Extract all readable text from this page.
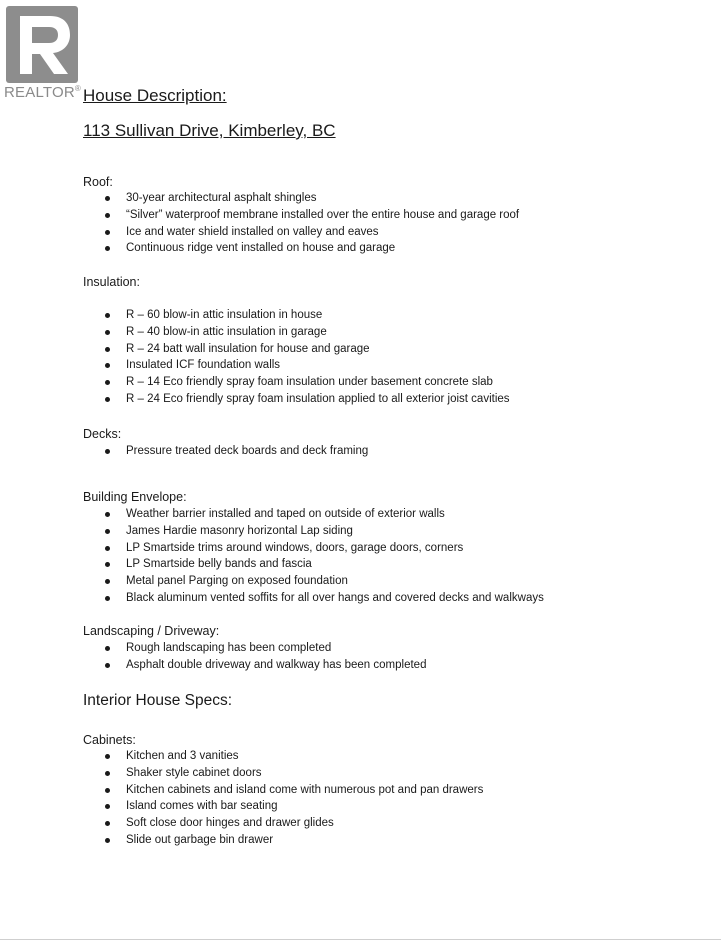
REALTOR® House Description:
113 Sullivan Drive, Kimberley, BC
Roof:
30-year architectural asphalt shingles
“Silver” waterproof membrane installed over the entire house and garage roof
Ice and water shield installed on valley and eaves
Continuous ridge vent installed on house and garage
Insulation:
R – 60 blow-in attic insulation in house
R – 40 blow-in attic insulation in garage
R – 24 batt wall insulation for house and garage
Insulated ICF foundation walls
R – 14 Eco friendly spray foam insulation under basement concrete slab
R – 24 Eco friendly spray foam insulation applied to all exterior joist cavities
Decks:
Pressure treated deck boards and deck framing
Building Envelope:
Weather barrier installed and taped on outside of exterior walls
James Hardie masonry horizontal Lap siding
LP Smartside trims around windows, doors, garage doors, corners
LP Smartside belly bands and fascia
Metal panel Parging on exposed foundation
Black aluminum vented soffits for all over hangs and covered decks and walkways
Landscaping / Driveway:
Rough landscaping has been completed
Asphalt double driveway and walkway has been completed
Interior House Specs:
Cabinets:
Kitchen and 3 vanities
Shaker style cabinet doors
Kitchen cabinets and island come with numerous pot and pan drawers
Island comes with bar seating
Soft close door hinges and drawer glides
Slide out garbage bin drawer
